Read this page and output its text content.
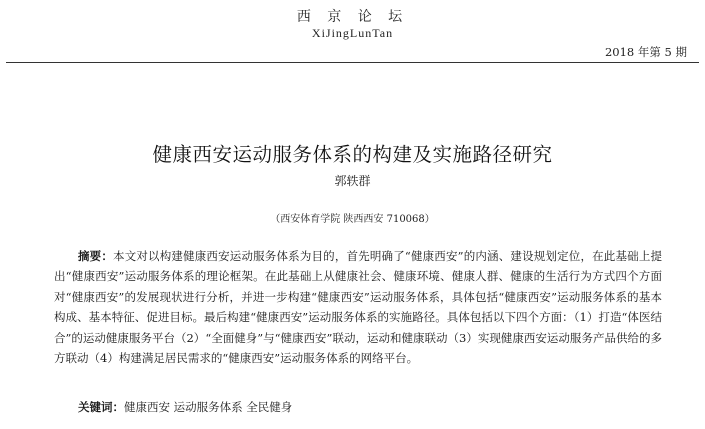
西 京 论 坛
XiJingLunTan
2018 年第 5 期
健康西安运动服务体系的构建及实施路径研究
郭轶群
（西安体育学院 陕西西安 710068）

摘要：本文对以构建健康西安运动服务体系为目的，首先明确了“健康西安”的内涵、建设规划定位，在此基础上提出“健康西安”运动服务体系的理论框架。在此基础上从健康社会、健康环境、健康人群、健康的生活行为方式四个方面对“健康西安”的发展现状进行分析，并进一步构建“健康西安”运动服务体系，具体包括“健康西安”运动服务体系的基本构成、基本特征、促进目标。最后构建“健康西安”运动服务体系的实施路径。具体包括以下四个方面：（1）打造“体医结合”的运动健康服务平台（2）“全面健身”与“健康西安”联动，运动和健康联动（3）实现健康西安运动服务产品供给的多方联动（4）构建满足居民需求的“健康西安”运动服务体系的网络平台。

关键词：健康西安 运动服务体系 全民健身
